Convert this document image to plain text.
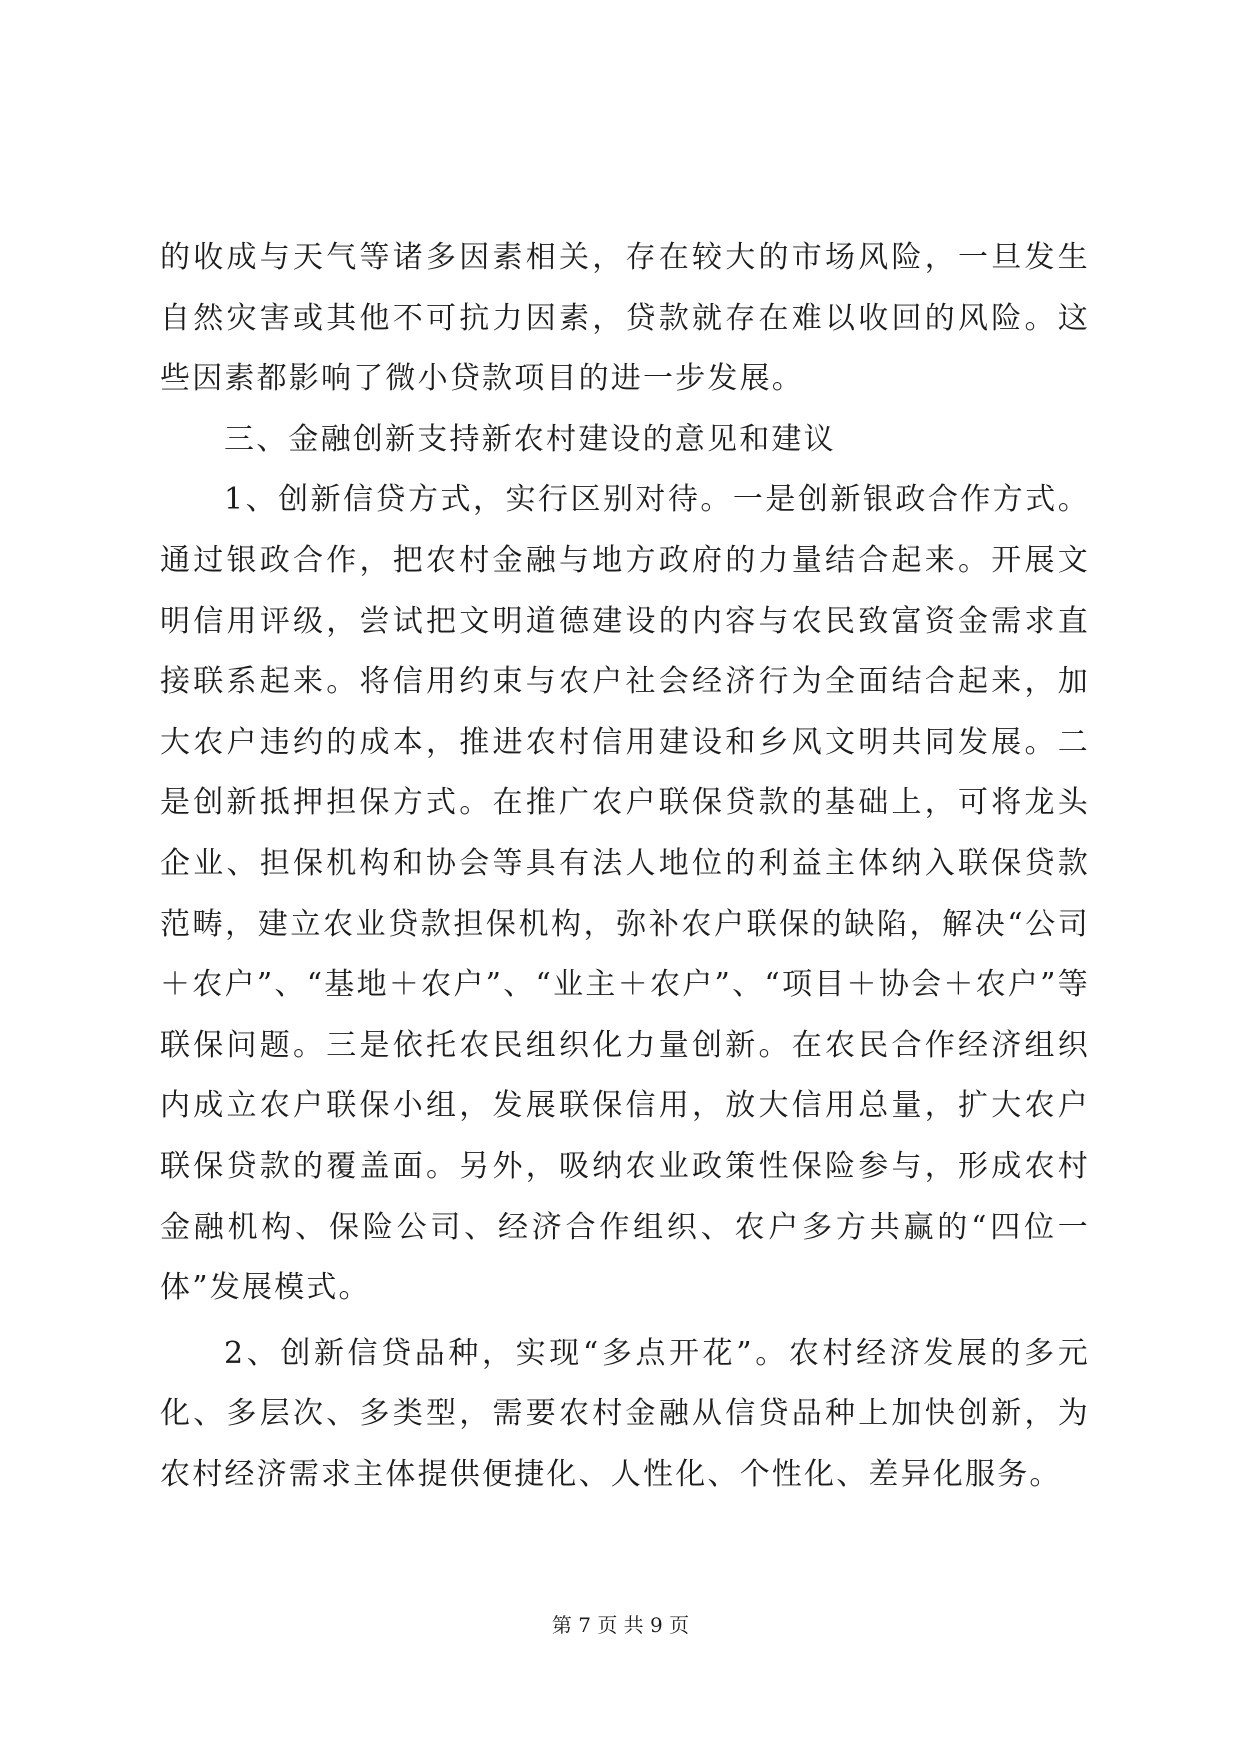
的收成与天气等诸多因素相关，存在较大的市场风险，一旦发生自然灾害或其他不可抗力因素，贷款就存在难以收回的风险。这些因素都影响了微小贷款项目的进一步发展。

三、金融创新支持新农村建设的意见和建议

1、创新信贷方式，实行区别对待。一是创新银政合作方式。通过银政合作，把农村金融与地方政府的力量结合起来。开展文明信用评级，尝试把文明道德建设的内容与农民致富资金需求直接联系起来。将信用约束与农户社会经济行为全面结合起来，加大农户违约的成本，推进农村信用建设和乡风文明共同发展。二是创新抵押担保方式。在推广农户联保贷款的基础上，可将龙头企业、担保机构和协会等具有法人地位的利益主体纳入联保贷款范畴，建立农业贷款担保机构，弥补农户联保的缺陷，解决“公司＋农户”、“基地＋农户”、“业主＋农户”、“项目＋协会＋农户”等联保问题。三是依托农民组织化力量创新。在农民合作经济组织内成立农户联保小组，发展联保信用，放大信用总量，扩大农户联保贷款的覆盖面。另外，吸纳农业政策性保险参与，形成农村金融机构、保险公司、经济合作组织、农户多方共赢的“四位一体”发展模式。

2、创新信贷品种，实现“多点开花”。农村经济发展的多元化、多层次、多类型，需要农村金融从信贷品种上加快创新，为农村经济需求主体提供便捷化、人性化、个性化、差异化服务。

第 7 页 共 9 页
